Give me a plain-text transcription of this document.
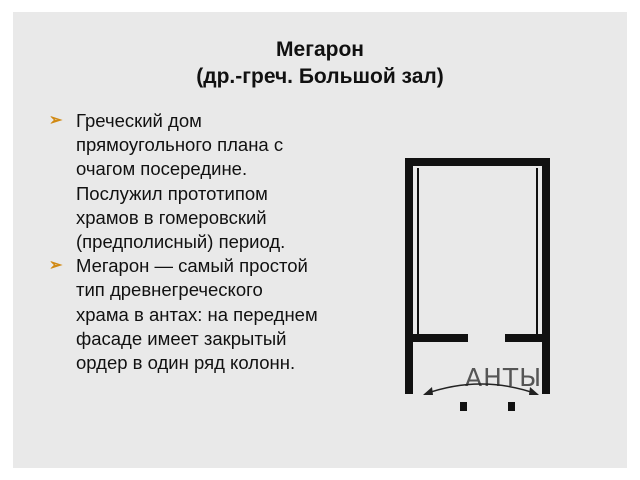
Мегарон
(др.-греч. Большой зал)
➢ Греческий дом прямоугольного плана с очагом посередине. Послужил прототипом храмов в гомеровский (предполисный) период.
➢ Мегарон — самый простой тип древнегреческого храма в антах: на переднем фасаде имеет закрытый ордер в один ряд колонн.
АНТЫ
